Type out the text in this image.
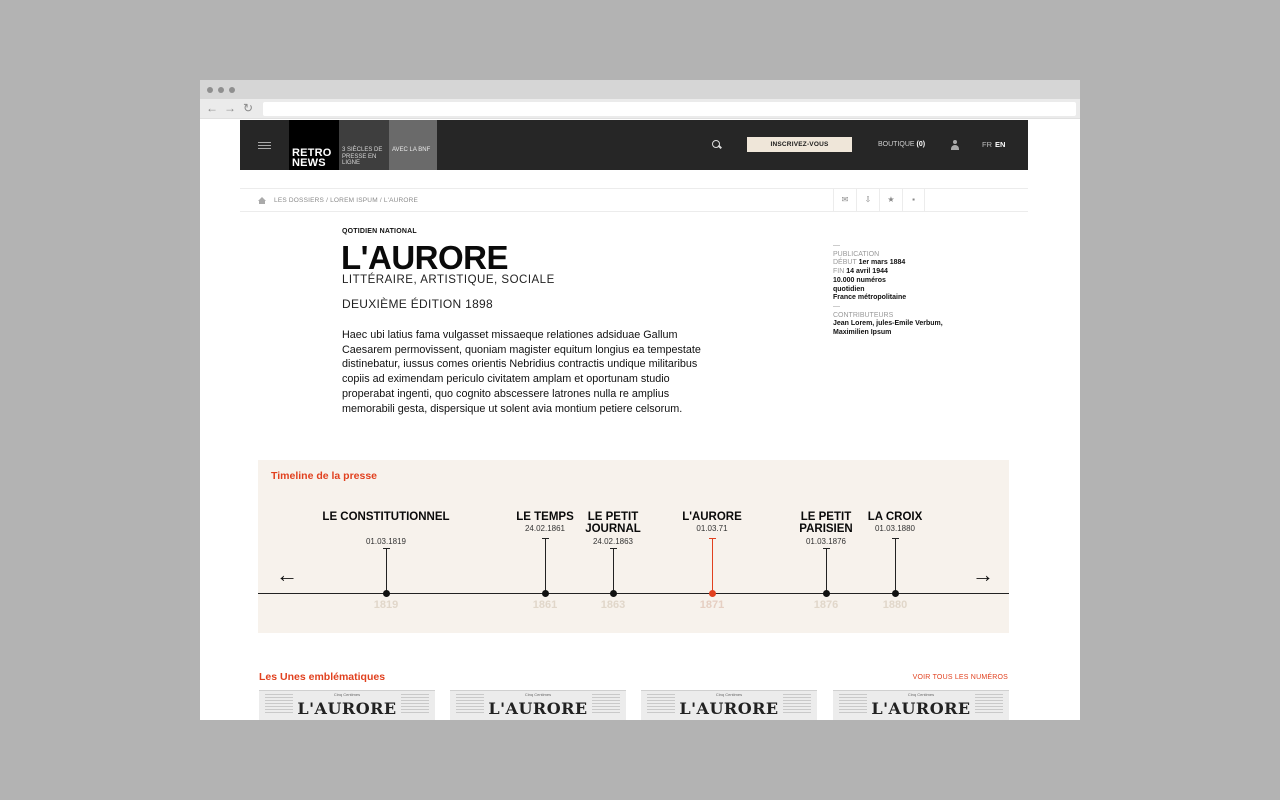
← → ↻
RETRO NEWS
3 SIÈCLES DE PRESSE EN LIGNE
AVEC LA BNF
INSCRIVEZ-VOUS	BOUTIQUE (0)	FR EN
LES DOSSIERS / LOREM ISPUM / L'AURORE	✉	⇩	★	▪
QOTIDIEN NATIONAL
L'AURORE
LITTÉRAIRE, ARTISTIQUE, SOCIALE
DEUXIÈME ÉDITION 1898
Haec ubi latius fama vulgasset missaeque relationes adsiduae Gallum Caesarem permovissent, quoniam magister equitum longius ea tempestate distinebatur, iussus comes orientis Nebridius contractis undique militaribus copiis ad eximendam periculo civitatem amplam et oportunam studio properabat ingenti, quo cognito abscessere latrones nulla re amplius memorabili gesta, dispersique ut solent avia montium petiere celsorum.
—
PUBLICATION
DÉBUT 1er mars 1884
FIN 14 avril 1944
10.000 numéros
quotidien
France métropolitaine
—
CONTRIBUTEURS
Jean Lorem, jules-Emile Verbum, Maximilien Ipsum
Timeline de la presse
←	→
LE CONSTITUTIONNEL
01.03.1819
1819
LE TEMPS
24.02.1861
1861
LE PETIT JOURNAL
24.02.1863
1863
L'AURORE
01.03.71
1871
LE PETIT PARISIEN
01.03.1876
1876
LA CROIX
01.03.1880
1880
Les Unes emblématiques	VOIR TOUS LES NUMÉROS
Cinq Centimes
L'AURORE
Cinq Centimes
L'AURORE
Cinq Centimes
L'AURORE
Cinq Centimes
L'AURORE
